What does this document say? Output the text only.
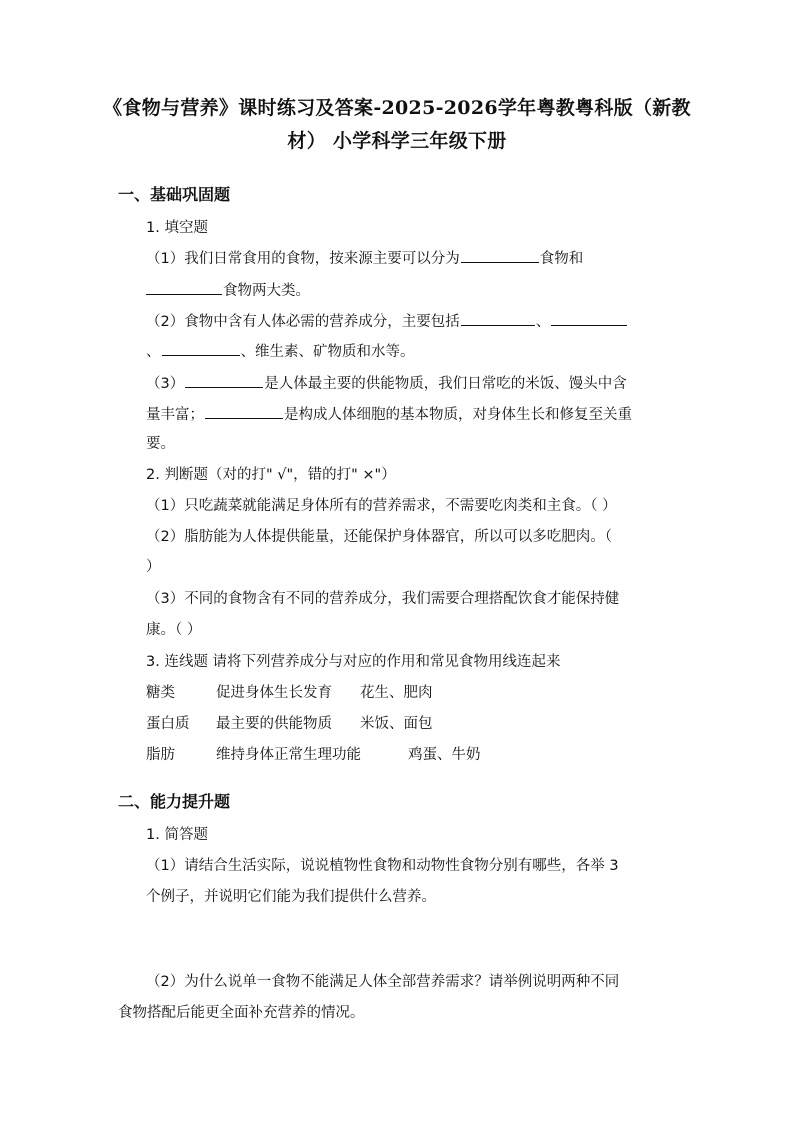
《食物与营养》课时练习及答案-2025-2026学年粤教粤科版（新教
材） 小学科学三年级下册
一、基础巩固题
1. 填空题
（1）我们日常食用的食物，按来源主要可以分为	食物和
食物两大类。
（2）食物中含有人体必需的营养成分，主要包括	、
、	、维生素、矿物质和水等。
（3）	是人体最主要的供能物质，我们日常吃的米饭、馒头中含
量丰富；	是构成人体细胞的基本物质，对身体生长和修复至关重
要。
2. 判断题（对的打" √"，错的打" ×"）
（1）只吃蔬菜就能满足身体所有的营养需求，不需要吃肉类和主食。（ ）
（2）脂肪能为人体提供能量，还能保护身体器官，所以可以多吃肥肉。（
）
（3）不同的食物含有不同的营养成分，我们需要合理搭配饮食才能保持健
康。（ ）
3. 连线题 请将下列营养成分与对应的作用和常见食物用线连起来
糖类	促进身体生长发育 花生、肥肉
蛋白质 最主要的供能物质 米饭、面包
脂肪	维持身体正常生理功能	鸡蛋、牛奶
二、能力提升题
1. 简答题
（1）请结合生活实际，说说植物性食物和动物性食物分别有哪些，各举 3
个例子，并说明它们能为我们提供什么营养。
（2）为什么说单一食物不能满足人体全部营养需求？请举例说明两种不同
食物搭配后能更全面补充营养的情况。
